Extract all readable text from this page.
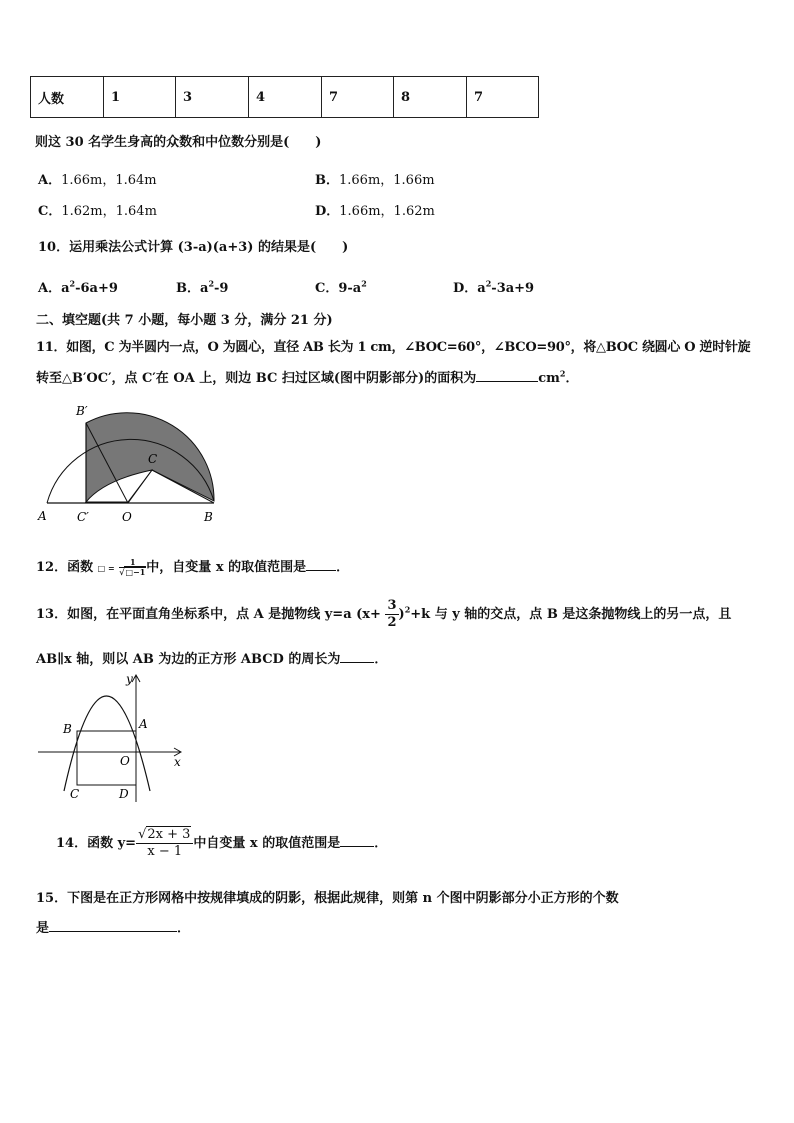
人数	1	3	4	7	8	7
则这 30 名学生身高的众数和中位数分别是(　　)
A．1.66m，1.64m	B．1.66m，1.66m
C．1.62m，1.64m	D．1.66m，1.62m
10．运用乘法公式计算 (3-a)(a+3) 的结果是(　　)
A．$a^2-6a+9$	B．$a^2-9$	C．$9-a^2$	D．$a^2-3a+9$
二、填空题(共 7 小题，每小题 3 分，满分 21 分)
11．如图，C 为半圆内一点，O 为圆心，直径 AB 长为 1 cm，∠BOC=60°，∠BCO=90°，将△BOC 绕圆心 O 逆时针旋
转至△B′OC′，点 C′在 OA 上，则边 BC 扫过区域(图中阴影部分)的面积为	$cm^2$．
B′
C
A	C′	O	B
12．函数 □ = $\frac{1}{√□-1}$ 中，自变量 x 的取值范围是 ．
13．如图，在平面直角坐标系中，点 A 是抛物线 y=a $(x+ \frac{3}{2} )^2+k$ 与 y 轴的交点，点 B 是这条抛物线上的另一点，且
AB∥x 轴，则以 AB 为边的正方形 ABCD 的周长为	．
y
x
A
B
O
C	D
14．函数 $y= \frac{√2x + 3}{x - 1}$ 中自变量 x 的取值范围是	．
15．下图是在正方形网格中按规律填成的阴影，根据此规律，则第 n 个图中阴影部分小正方形的个数
是	．
